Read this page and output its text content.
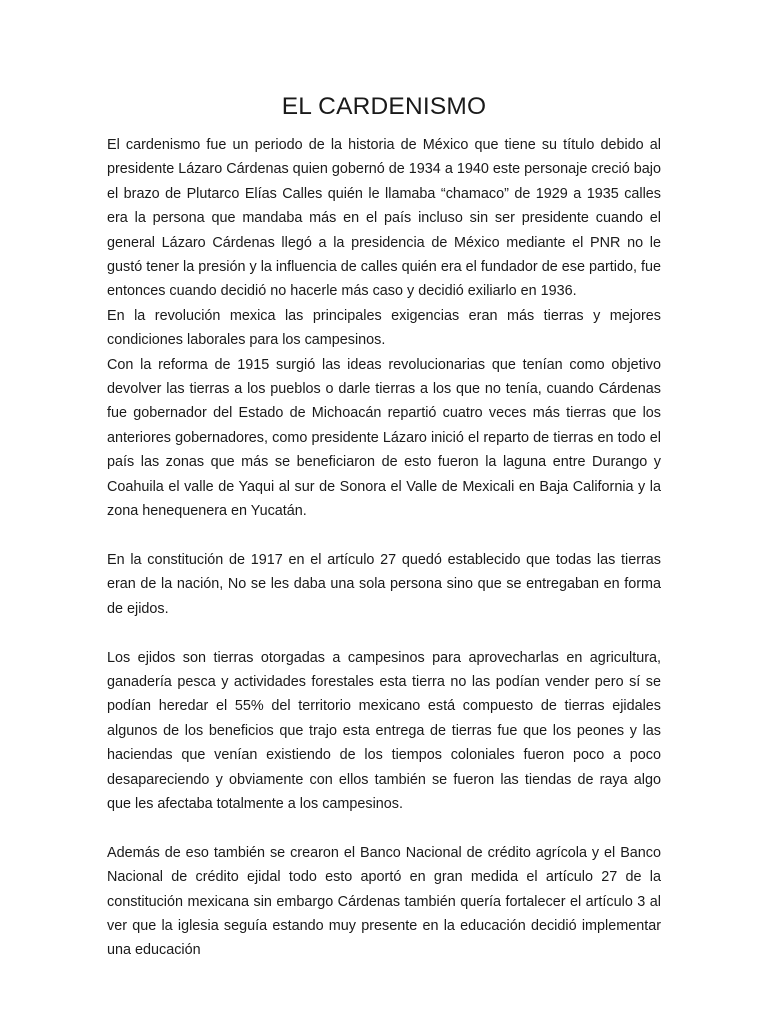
EL CARDENISMO

El cardenismo fue un periodo de la historia de México que tiene su título debido al presidente Lázaro Cárdenas quien gobernó de 1934 a 1940 este personaje creció bajo el brazo de Plutarco Elías Calles quién le llamaba “chamaco” de 1929 a 1935 calles era la persona que mandaba más en el país incluso sin ser presidente cuando el general Lázaro Cárdenas llegó a la presidencia de México mediante el PNR no le gustó tener la presión y la influencia de calles quién era el fundador de ese partido, fue entonces cuando decidió no hacerle más caso y decidió exiliarlo en 1936.

En la revolución mexica las principales exigencias eran más tierras y mejores condiciones laborales para los campesinos.

Con la reforma de 1915 surgió las ideas revolucionarias que tenían como objetivo devolver las tierras a los pueblos o darle tierras a los que no tenía, cuando Cárdenas fue gobernador del Estado de Michoacán repartió cuatro veces más tierras que los anteriores gobernadores, como presidente Lázaro inició el reparto de tierras en todo el país las zonas que más se beneficiaron de esto fueron la laguna entre Durango y Coahuila el valle de Yaqui al sur de Sonora el Valle de Mexicali en Baja California y la zona henequenera en Yucatán.

En la constitución de 1917 en el artículo 27 quedó establecido que todas las tierras eran de la nación, No se les daba una sola persona sino que se entregaban en forma de ejidos.

Los ejidos son tierras otorgadas a campesinos para aprovecharlas en agricultura, ganadería pesca y actividades forestales esta tierra no las podían vender pero sí se podían heredar el 55% del territorio mexicano está compuesto de tierras ejidales algunos de los beneficios que trajo esta entrega de tierras fue que los peones y las haciendas que venían existiendo de los tiempos coloniales fueron poco a poco desapareciendo y obviamente con ellos también se fueron las tiendas de raya algo que les afectaba totalmente a los campesinos.

Además de eso también se crearon el Banco Nacional de crédito agrícola y el Banco Nacional de crédito ejidal todo esto aportó en gran medida el artículo 27 de la constitución mexicana sin embargo Cárdenas también quería fortalecer el artículo 3 al ver que la iglesia seguía estando muy presente en la educación decidió implementar una educación
